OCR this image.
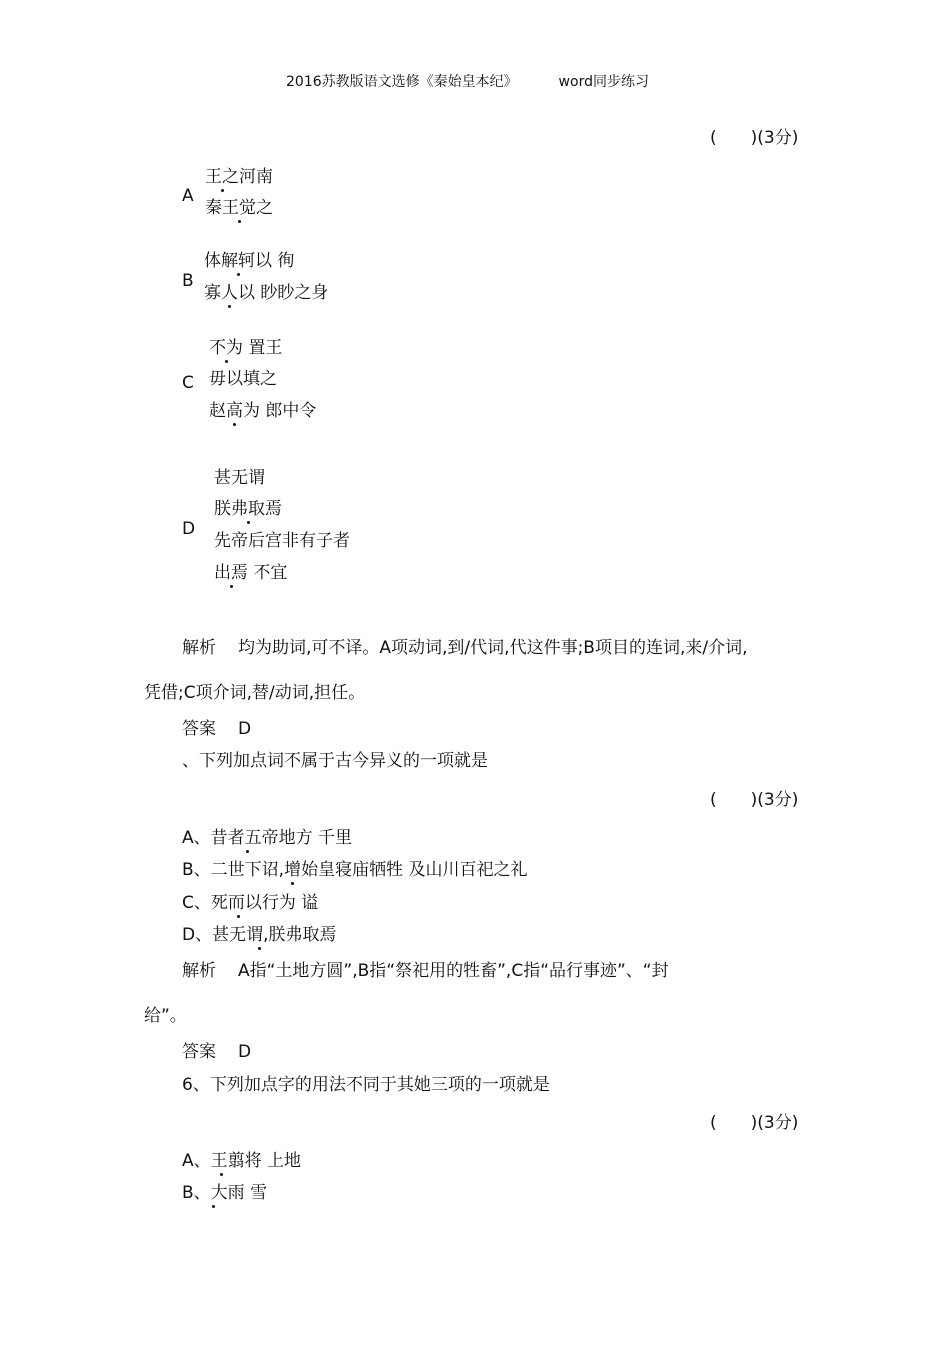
2016苏教版语文选修《秦始皇本纪》	word同步练习
(　　)(3分)
A
王之河南
秦王觉之
B
体解轲以 徇
寡人以 眇眇之身
C
不为 置王
毋以填之
赵高为 郎中令
D
甚无谓
朕弗取焉
先帝后宫非有子者
出焉 不宜
解析 均为助词,可不译。A项动词,到/代词,代这件事;B项目的连词,来/介词,
凭借;C项介词,替/动词,担任。
答案 D
、下列加点词不属于古今异义的一项就是
(　　)(3分)
A、昔者五帝地方 千里
B、二世下诏,增始皇寝庙牺牲 及山川百祀之礼
C、死而以行为 谥
D、甚无谓,朕弗取焉
解析 A指“土地方圆”,B指“祭祀用的牲畜”,C指“品行事迹”、“封
给”。
答案 D
6、下列加点字的用法不同于其她三项的一项就是
(　　)(3分)
A、王翦将 上地
B、大雨 雪
